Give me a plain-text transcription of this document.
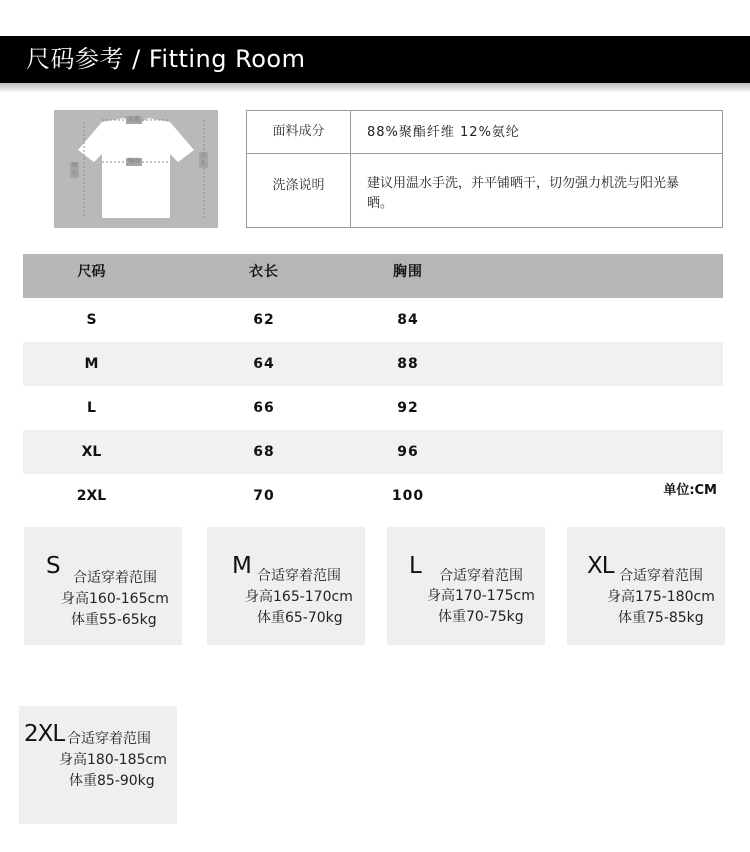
尺码参考 / Fitting Room
肩宽
胸围
袖长
衣长
面料成分	88%聚酯纤维 12%氨纶
洗涤说明	建议用温水手洗，并平铺晒干，切勿强力机洗与阳光暴晒。
尺码	衣长	胸围
S	62	84
M	64	88
L	66	92
XL	68	96
2XL	70	100	单位:CM
S 合适穿着范围
身高160-165cm
体重55-65kg
M 合适穿着范围
身高165-170cm
体重65-70kg
L 合适穿着范围
身高170-175cm
体重70-75kg
XL 合适穿着范围
身高175-180cm
体重75-85kg
2XL 合适穿着范围
身高180-185cm
体重85-90kg
